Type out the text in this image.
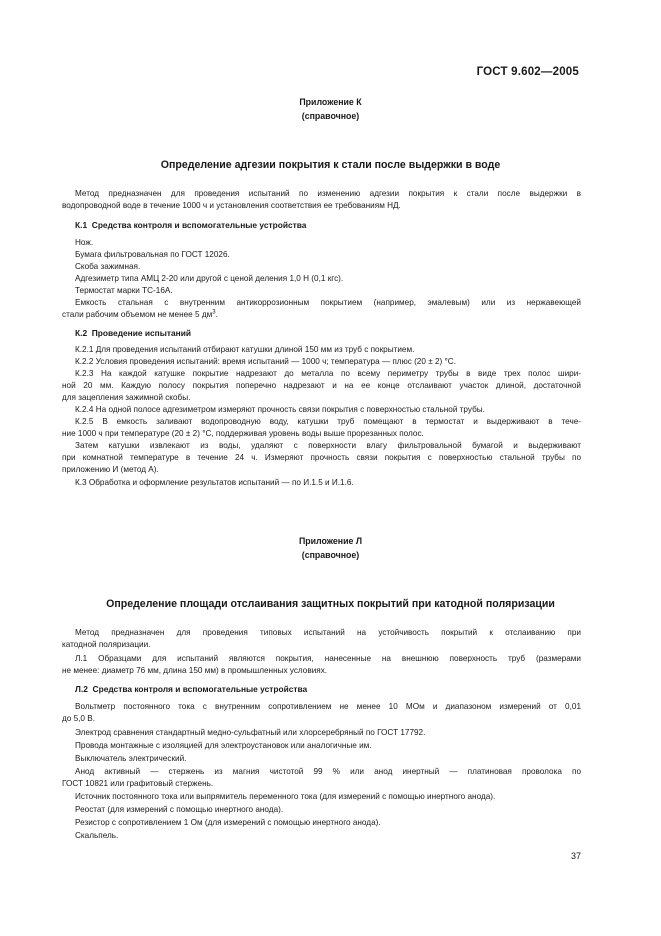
ГОСТ 9.602—2005
Приложение К
(справочное)
Определение адгезии покрытия к стали после выдержки в воде
Метод предназначен для проведения испытаний по изменению адгезии покрытия к стали после выдержки в
водопроводной воде в течение 1000 ч и установления соответствия ее требованиям НД.
К.1 Средства контроля и вспомогательные устройства
Нож.
Бумага фильтровальная по ГОСТ 12026.
Скоба зажимная.
Адгезиметр типа АМЦ 2-20 или другой с ценой деления 1,0 Н (0,1 кгс).
Термостат марки ТС-16А.
Емкость стальная с внутренним антикоррозионным покрытием (например, эмалевым) или из нержавеющей
стали рабочим объемом не менее 5 $дм^3$.
К.2 Проведение испытаний
К.2.1 Для проведения испытаний отбирают катушки длиной 150 мм из труб с покрытием.
К.2.2 Условия проведения испытаний: время испытаний — 1000 ч; температура — плюс (20 ± 2) °С.
К.2.3 На каждой катушке покрытие надрезают до металла по всему периметру трубы в виде трех полос шири-
ной 20 мм. Каждую полосу покрытия поперечно надрезают и на ее конце отслаивают участок длиной, достаточной
для зацепления зажимной скобы.
К.2.4 На одной полосе адгезиметром измеряют прочность связи покрытия с поверхностью стальной трубы.
К.2.5 В емкость заливают водопроводную воду, катушки труб помещают в термостат и выдерживают в тече-
ние 1000 ч при температуре (20 ± 2) °С, поддерживая уровень воды выше прорезанных полос.
Затем катушки извлекают из воды, удаляют с поверхности влагу фильтровальной бумагой и выдерживают
при комнатной температуре в течение 24 ч. Измеряют прочность связи покрытия с поверхностью стальной трубы по
приложению И (метод А).
К.3 Обработка и оформление результатов испытаний — по И.1.5 и И.1.6.
Приложение Л
(справочное)
Определение площади отслаивания защитных покрытий при катодной поляризации
Метод предназначен для проведения типовых испытаний на устойчивость покрытий к отслаиванию при
катодной поляризации.
Л.1 Образцами для испытаний являются покрытия, нанесенные на внешнюю поверхность труб (размерами
не менее: диаметр 76 мм, длина 150 мм) в промышленных условиях.
Л.2 Средства контроля и вспомогательные устройства
Вольтметр постоянного тока с внутренним сопротивлением не менее 10 МОм и диапазоном измерений от 0,01
до 5,0 В.
Электрод сравнения стандартный медно-сульфатный или хлорсеребряный по ГОСТ 17792.
Провода монтажные с изоляцией для электроустановок или аналогичные им.
Выключатель электрический.
Анод активный — стержень из магния чистотой 99 % или анод инертный — платиновая проволока по
ГОСТ 10821 или графитовый стержень.
Источник постоянного тока или выпрямитель переменного тока (для измерений с помощью инертного анода).
Реостат (для измерений с помощью инертного анода).
Резистор с сопротивлением 1 Ом (для измерений с помощью инертного анода).
Скальпель.
37
